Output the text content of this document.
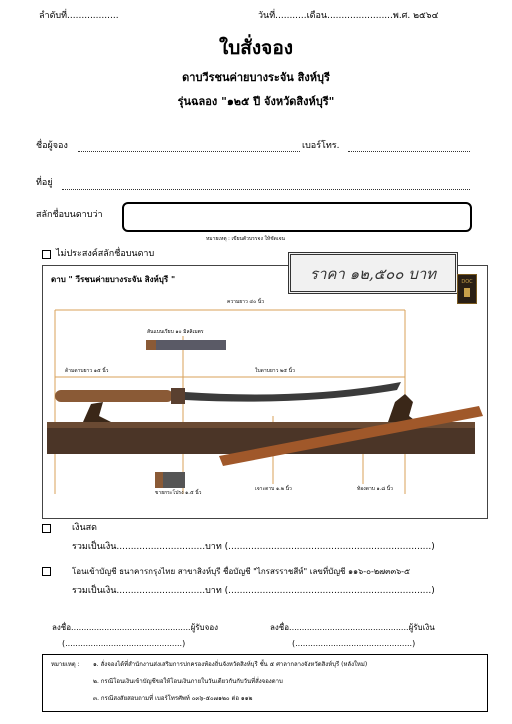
ลำดับที่..................	วันที่...........เดือน.......................พ.ศ. ๒๕๖๔
ใบสั่งจอง
ดาบวีรชนค่ายบางระจัน สิงห์บุรี
รุ่นฉลอง "๑๒๕ ปี จังหวัดสิงห์บุรี"
ชื่อผู้จอง	เบอร์โทร.
ที่อยู่
สลักชื่อบนดาบว่า
หมายเหตุ : เขียนตัวบรรจง ให้ชัดเจน
ไม่ประสงค์สลักชื่อบนดาบ
ดาบ " วีรชนค่ายบางระจัน สิงห์บุรี "	ราคา ๑๒,๕๐๐ บาท	DOC
ความยาว ๔๐ นิ้ว
สันแบนเรียบ ๑๐ มิลลิเมตร
ด้ามดาบยาว ๑๕ นิ้ว	ใบดาบยาว ๒๕ นิ้ว
ขายกระโปรง ๑.๕ นิ้ว
เจาะดาบ ๑.๒ นิ้ว	ท้องดาบ ๑.๘ นิ้ว
เงินสด
รวมเป็นเงิน...............................บาท (.......................................................................)
โอนเข้าบัญชี ธนาคารกรุงไทย สาขาสิงห์บุรี ชื่อบัญชี "ไกรสรราชสีห์" เลขที่บัญชี ๑๑๖-๐-๒๗๓๓๖-๕
รวมเป็นเงิน...............................บาท (.......................................................................)
ลงชื่อ...............................................ผู้รับจอง
(..............................................)
ลงชื่อ...............................................ผู้รับเงิน
(..............................................)
หมายเหตุ : ๑. สั่งจองได้ที่สำนักงานส่งเสริมการปกครองท้องถิ่นจังหวัดสิงห์บุรี ชั้น ๕ ศาลากลางจังหวัดสิงห์บุรี (หลังใหม่)
๒. กรณีโอนเงินเข้าบัญชีขอให้โอนเงินภายในวันเดียวกันกับวันที่สั่งจองดาบ
๓. กรณีสงสัยสอบถามที่ เบอร์โทรศัพท์ ๐๓๖-๕๐๗๑๒๐ ต่อ ๑๑๒
